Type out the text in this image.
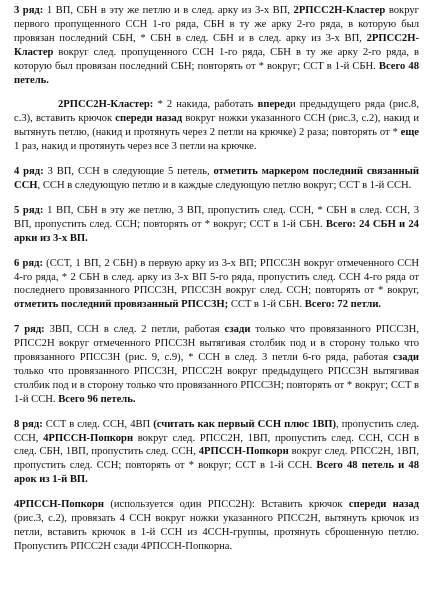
3 ряд: 1 ВП, СБН в эту же петлю и в след. арку из 3-х ВП, 2РПСС2Н-Кластер вокруг первого пропущенного ССН 1-го ряда, СБН в ту же арку 2-го ряда, в которую был провязан последний СБН, * СБН в след. СБН и в след. арку из 3-х ВП, 2РПСС2Н-Кластер вокруг след. пропущенного ССН 1-го ряда, СБН в ту же арку 2-го ряда, в которую был провязан последний СБН; повторять от * вокруг; СCT в 1-й СБН. Всего 48 петель.

2РПСС2Н-Кластер: * 2 накида, работать впереди предыдущего ряда (рис.8, с.3), вставить крючок спереди назад вокруг ножки указанного ССН (рис.3, с.2), накид и вытянуть петлю, (накид и протянуть через 2 петли на крючке) 2 раза; повторять от * еще 1 раз, накид и протянуть через все 3 петли на крючке.

4 ряд: 3 ВП, ССН в следующие 5 петель, отметить маркером последний связанный ССН, ССН в следующую петлю и в каждые следующую петлю вокруг; СCT в 1-й ССН.

5 ряд: 1 ВП, СБН в эту же петлю, 3 ВП, пропустить след. ССН, * СБН в след. ССН, 3 ВП, пропустить след. ССН; повторять от * вокруг; СCT в 1-й СБН. Всего: 24 СБН и 24 арки из 3-х ВП.

6 ряд: (СCT, 1 ВП, 2 СБН) в первую арку из 3-х ВП; РПСС3Н вокруг отмеченного ССН 4-го ряда, * 2 СБН в след. арку из 3-х ВП 5-го ряда, пропустить след. ССН 4-го ряда от последнего провязанного РПСС3Н, РПСС3Н вокруг след. ССН; повторять от * вокруг, отметить последний провязанный РПСС3Н; СCT в 1-й СБН. Всего: 72 петли.

7 ряд: 3ВП, ССН в след. 2 петли, работая сзади только что провязанного РПСС3Н, РПСС2Н вокруг отмеченного РПСС3Н вытягивая столбик под и в сторону только что провязанного РПСС3Н (рис. 9, с.9), * ССН в след. 3 петли 6-го ряда, работая сзади только что провязанного РПСС3Н, РПСС2Н вокруг предыдущего РПСС3Н вытягивая столбик под и в сторону только что провязанного РПСС3Н; повторять от * вокруг; СCT в 1-й ССН. Всего 96 петель.

8 ряд: СCT в след. ССН, 4ВП (считать как первый ССН плюс 1ВП), пропустить след. ССН, 4РПССН-Попкорн вокруг след. РПСС2Н, 1ВП, пропустить след. ССН, ССН в след. СБН, 1ВП, пропустить след. ССН, 4РПССН-Попкорн вокруг след. РПСС2Н, 1ВП, пропустить след. ССН; повторять от * вокруг; СCT в 1-й ССН. Всего 48 петель и 48 арок из 1-й ВП.

4РПССН-Попкорн (используется один РПСС2Н): Вставить крючок спереди назад (рис.3, с.2), провязать 4 ССН вокруг ножки указанного РПСС2Н, вытянуть крючок из петли, вставить крючок в 1-й ССН из 4ССН-группы, протянуть сброшенную петлю. Пропустить РПСС2Н сзади 4РПССН-Попкорна.
